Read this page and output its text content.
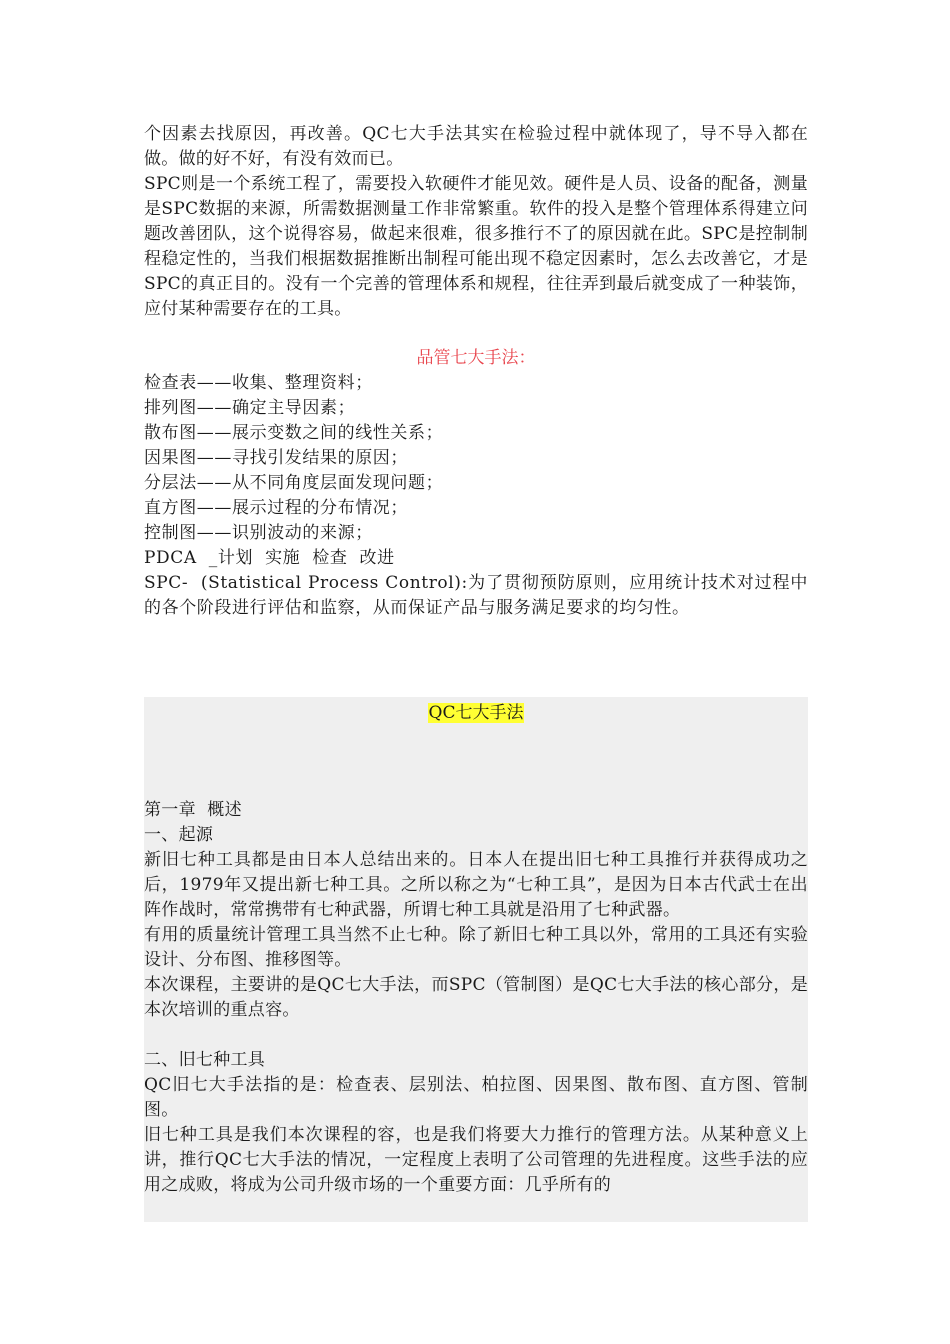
个因素去找原因，再改善。QC七大手法其实在检验过程中就体现了，导不导入都在做。做的好不好，有没有效而已。

SPC则是一个系统工程了，需要投入软硬件才能见效。硬件是人员、设备的配备，测量是SPC数据的来源，所需数据测量工作非常繁重。软件的投入是整个管理体系得建立问题改善团队，这个说得容易，做起来很难，很多推行不了的原因就在此。SPC是控制制程稳定性的，当我们根据数据推断出制程可能出现不稳定因素时，怎么去改善它，才是SPC的真正目的。没有一个完善的管理体系和规程，往往弄到最后就变成了一种装饰，应付某种需要存在的工具。

品管七大手法：

检查表——收集、整理资料；

排列图——确定主导因素；

散布图——展示变数之间的线性关系；

因果图——寻找引发结果的原因；

分层法——从不同角度层面发现问题；

直方图——展示过程的分布情况；

控制图——识别波动的来源；

PDCA  _计划  实施  检查  改进

SPC-  (Statistical Process Control):为了贯彻预防原则，应用统计技术对过程中的各个阶段进行评估和监察，从而保证产品与服务满足要求的均匀性。

QC七大手法

第一章  概述

一、起源

新旧七种工具都是由日本人总结出来的。日本人在提出旧七种工具推行并获得成功之后，1979年又提出新七种工具。之所以称之为“七种工具”，是因为日本古代武士在出阵作战时，常常携带有七种武器，所谓七种工具就是沿用了七种武器。

有用的质量统计管理工具当然不止七种。除了新旧七种工具以外，常用的工具还有实验设计、分布图、推移图等。

本次课程，主要讲的是QC七大手法，而SPC（管制图）是QC七大手法的核心部分，是本次培训的重点容。

二、旧七种工具

QC旧七大手法指的是：检查表、层别法、柏拉图、因果图、散布图、直方图、管制图。

旧七种工具是我们本次课程的容，也是我们将要大力推行的管理方法。从某种意义上讲，推行QC七大手法的情况，一定程度上表明了公司管理的先进程度。这些手法的应用之成败，将成为公司升级市场的一个重要方面：几乎所有的
